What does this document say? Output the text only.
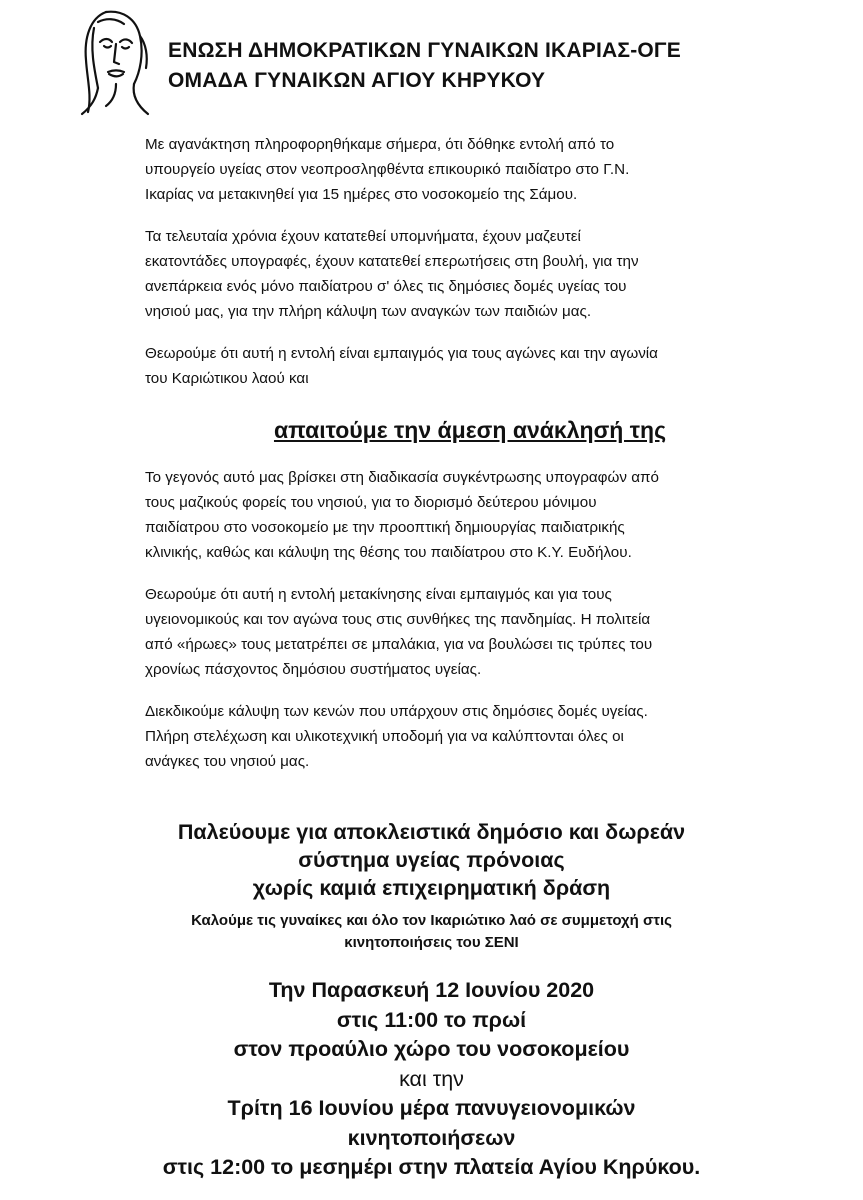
ΕΝΩΣΗ ΔΗΜΟΚΡΑΤΙΚΩΝ ΓΥΝΑΙΚΩΝ ΙΚΑΡΙΑΣ-ΟΓΕ
ΟΜΑΔΑ ΓΥΝΑΙΚΩΝ ΑΓΙΟΥ ΚΗΡΥΚΟΥ

Με αγανάκτηση πληροφορηθήκαμε σήμερα, ότι δόθηκε εντολή από το
υπουργείο υγείας στον νεοπροσληφθέντα επικουρικό παιδίατρο στο Γ.Ν.
Ικαρίας να μετακινηθεί για 15 ημέρες στο νοσοκομείο της Σάμου.

Τα τελευταία χρόνια έχουν κατατεθεί υπομνήματα, έχουν μαζευτεί
εκατοντάδες υπογραφές, έχουν κατατεθεί επερωτήσεις στη βουλή, για την
ανεπάρκεια ενός μόνο παιδίατρου σ' όλες τις δημόσιες δομές υγείας του
νησιού μας, για την πλήρη κάλυψη των αναγκών των παιδιών μας.

Θεωρούμε ότι αυτή η εντολή είναι εμπαιγμός για τους αγώνες και την αγωνία
του Καριώτικου λαού και

απαιτούμε την άμεση ανάκλησή της

Το γεγονός αυτό μας βρίσκει στη διαδικασία συγκέντρωσης υπογραφών από
τους μαζικούς φορείς του νησιού, για το διορισμό δεύτερου μόνιμου
παιδίατρου στο νοσοκομείο με την προοπτική δημιουργίας παιδιατρικής
κλινικής, καθώς και κάλυψη της θέσης του παιδίατρου στο Κ.Υ. Ευδήλου.

Θεωρούμε ότι αυτή η εντολή μετακίνησης είναι εμπαιγμός και για τους
υγειονομικούς και τον αγώνα τους στις συνθήκες της πανδημίας. Η πολιτεία
από «ήρωες» τους μετατρέπει σε μπαλάκια, για να βουλώσει τις τρύπες του
χρονίως πάσχοντος δημόσιου συστήματος υγείας.

Διεκδικούμε κάλυψη των κενών που υπάρχουν στις δημόσιες δομές υγείας.
Πλήρη στελέχωση και υλικοτεχνική υποδομή για να καλύπτονται όλες οι
ανάγκες του νησιού μας.

Παλεύουμε για αποκλειστικά δημόσιο και δωρεάν
σύστημα υγείας πρόνοιας
χωρίς καμιά επιχειρηματική δράση
Καλούμε τις γυναίκες και όλο τον Ικαριώτικο λαό σε συμμετοχή στις
κινητοποιήσεις του ΣΕΝΙ
Την Παρασκευή 12 Ιουνίου 2020
στις 11:00 το πρωί
στον προαύλιο χώρο του νοσοκομείου
και την
Τρίτη 16 Ιουνίου μέρα πανυγειονομικών
κινητοποιήσεων
στις 12:00 το μεσημέρι στην πλατεία Αγίου Κηρύκου.
